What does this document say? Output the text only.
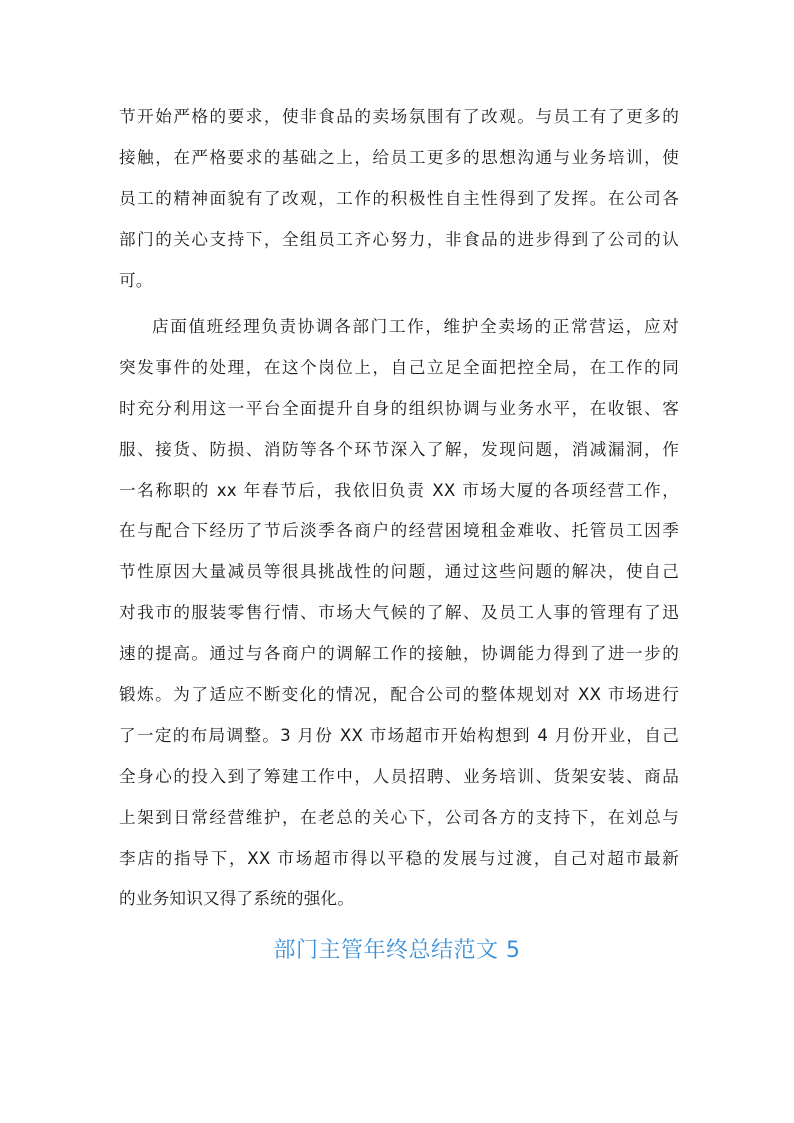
节开始严格的要求，使非食品的卖场氛围有了改观。与员工有了更多的
接触，在严格要求的基础之上，给员工更多的思想沟通与业务培训，使
员工的精神面貌有了改观，工作的积极性自主性得到了发挥。在公司各
部门的关心支持下，全组员工齐心努力，非食品的进步得到了公司的认
可。
店面值班经理负责协调各部门工作，维护全卖场的正常营运，应对
突发事件的处理，在这个岗位上，自己立足全面把控全局，在工作的同
时充分利用这一平台全面提升自身的组织协调与业务水平，在收银、客
服、接货、防损、消防等各个环节深入了解，发现问题，消减漏洞，作
一名称职的 xx 年春节后，我依旧负责 XX 市场大厦的各项经营工作，
在与配合下经历了节后淡季各商户的经营困境租金难收、托管员工因季
节性原因大量减员等很具挑战性的问题，通过这些问题的解决，使自己
对我市的服装零售行情、市场大气候的了解、及员工人事的管理有了迅
速的提高。通过与各商户的调解工作的接触，协调能力得到了进一步的
锻炼。为了适应不断变化的情况，配合公司的整体规划对 XX 市场进行
了一定的布局调整。3 月份 XX 市场超市开始构想到 4 月份开业，自己
全身心的投入到了筹建工作中，人员招聘、业务培训、货架安装、商品
上架到日常经营维护，在老总的关心下，公司各方的支持下，在刘总与
李店的指导下，XX 市场超市得以平稳的发展与过渡，自己对超市最新
的业务知识又得了系统的强化。
部门主管年终总结范文 5
